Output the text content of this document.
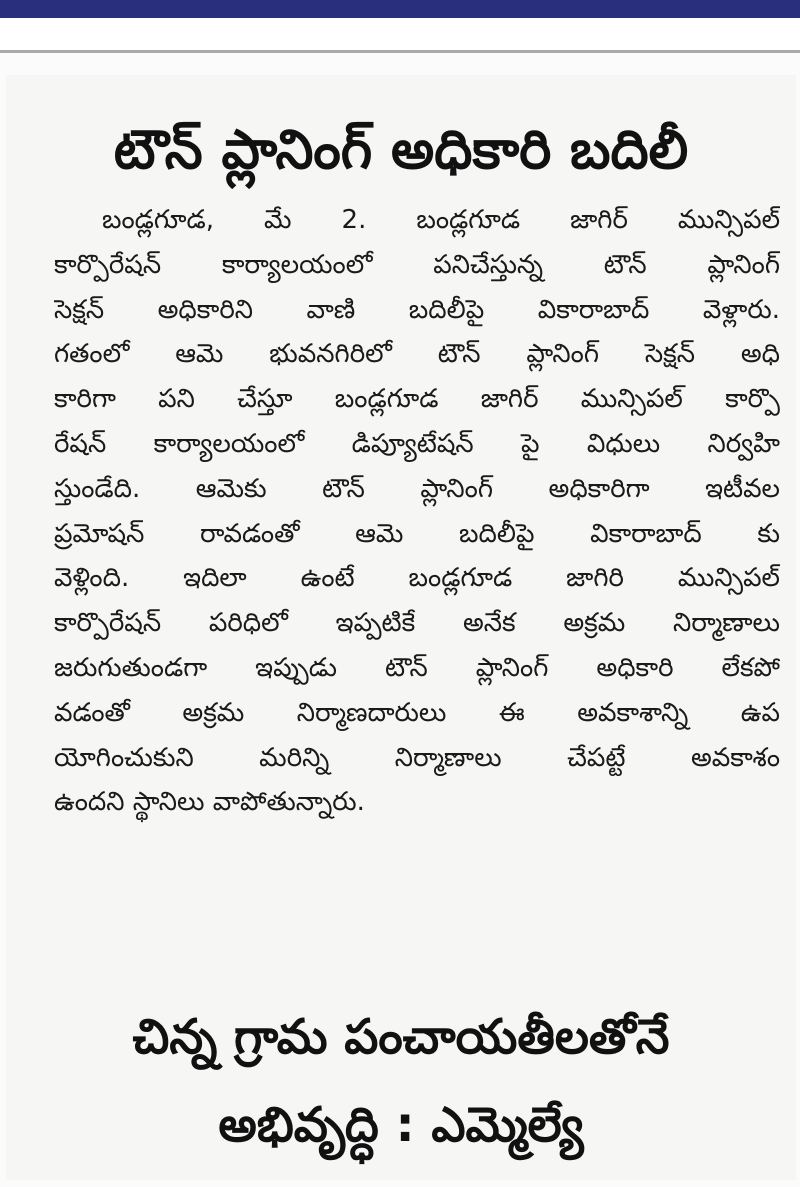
టౌన్ ప్లానింగ్ అధికారి బదిలీ
బండ్లగూడ, మే 2. బండ్లగూడ జాగిర్ మున్సిపల్
కార్పొరేషన్ కార్యాలయంలో పనిచేస్తున్న టౌన్ ప్లానింగ్
సెక్షన్ అధికారిని వాణి బదిలీపై వికారాబాద్ వెళ్లారు.
గతంలో ఆమె భువనగిరిలో టౌన్ ప్లానింగ్ సెక్షన్ అధి
కారిగా పని చేస్తూ బండ్లగూడ జాగిర్ మున్సిపల్ కార్పొ
రేషన్ కార్యాలయంలో డిప్యూటేషన్ పై విధులు నిర్వహి
స్తుండేది. ఆమెకు టౌన్ ప్లానింగ్ అధికారిగా ఇటీవల
ప్రమోషన్ రావడంతో ఆమె బదిలీపై వికారాబాద్ కు
వెళ్లింది. ఇదిలా ఉంటే బండ్లగూడ జాగిరి మున్సిపల్
కార్పొరేషన్ పరిధిలో ఇప్పటికే అనేక అక్రమ నిర్మాణాలు
జరుగుతుండగా ఇప్పుడు టౌన్ ప్లానింగ్ అధికారి లేకపో
వడంతో అక్రమ నిర్మాణదారులు ఈ అవకాశాన్ని ఉప
యోగించుకుని మరిన్ని నిర్మాణాలు చేపట్టే అవకాశం
ఉందని స్థానిలు వాపోతున్నారు.
చిన్న గ్రామ పంచాయతీలతోనే
అభివృద్ధి : ఎమ్మెల్యే
